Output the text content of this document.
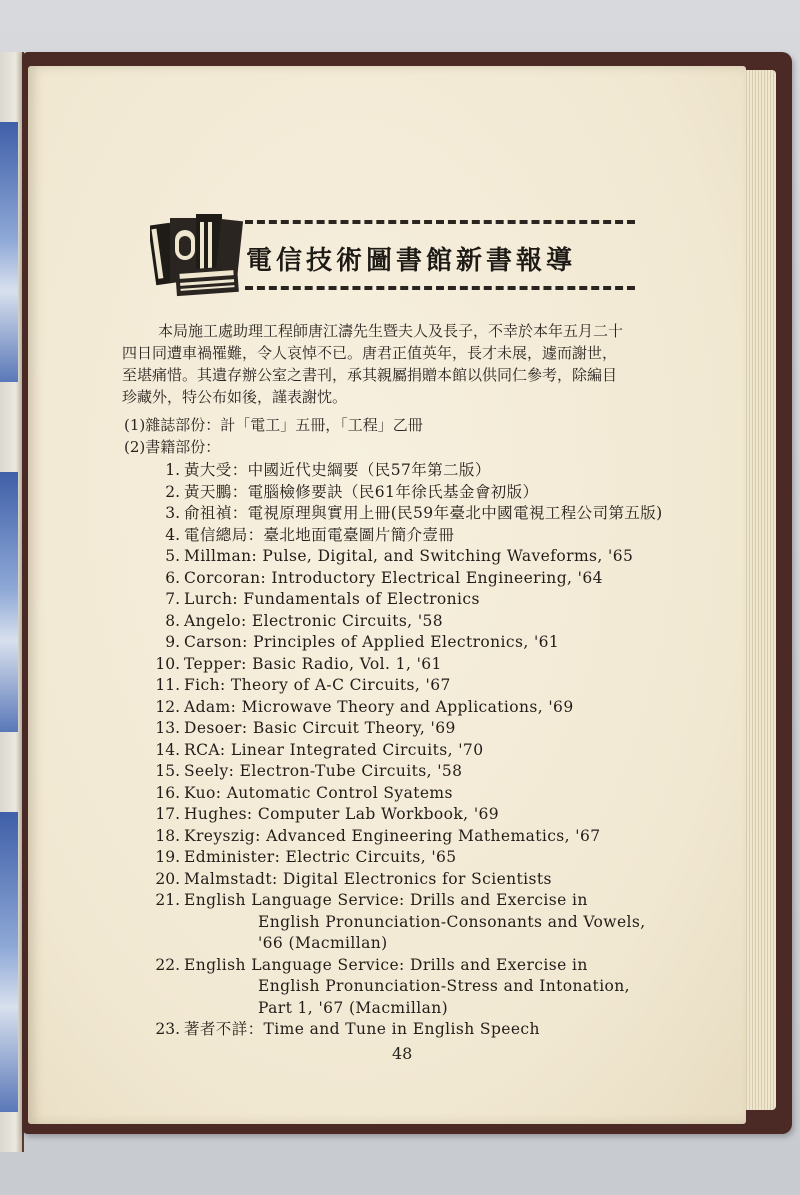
電信技術圖書館新書報導
本局施工處助理工程師唐江濤先生暨夫人及長子，不幸於本年五月二十
四日同遭車禍罹難，令人哀悼不已。唐君正值英年，長才未展，遽而謝世，
至堪痛惜。其遺存辦公室之書刊，承其親屬捐贈本館以供同仁參考，除編目
珍藏外，特公布如後，謹表謝忱。
(1)雜誌部份：計「電工」五冊，「工程」乙冊
(2)書籍部份：
1. 黃大受：中國近代史綱要（民57年第二版）
2. 黃天鵬：電腦檢修要訣（民61年徐氏基金會初版）
3. 俞祖禎：電視原理與實用上冊(民59年臺北中國電視工程公司第五版)
4. 電信總局：臺北地面電臺圖片簡介壹冊
5. Millman: Pulse, Digital, and Switching Waveforms, '65
6. Corcoran: Introductory Electrical Engineering, '64
7. Lurch: Fundamentals of Electronics
8. Angelo: Electronic Circuits, '58
9. Carson: Principles of Applied Electronics, '61
10. Tepper: Basic Radio, Vol. 1, '61
11. Fich: Theory of A-C Circuits, '67
12. Adam: Microwave Theory and Applications, '69
13. Desoer: Basic Circuit Theory, '69
14. RCA: Linear Integrated Circuits, '70
15. Seely: Electron-Tube Circuits, '58
16. Kuo: Automatic Control Syatems
17. Hughes: Computer Lab Workbook, '69
18. Kreyszig: Advanced Engineering Mathematics, '67
19. Edminister: Electric Circuits, '65
20. Malmstadt: Digital Electronics for Scientists
21. English Language Service: Drills and Exercise in
English Pronunciation-Consonants and Vowels,
'66 (Macmillan)
22. English Language Service: Drills and Exercise in
English Pronunciation-Stress and Intonation,
Part 1, '67 (Macmillan)
23. 著者不詳：Time and Tune in English Speech
48
